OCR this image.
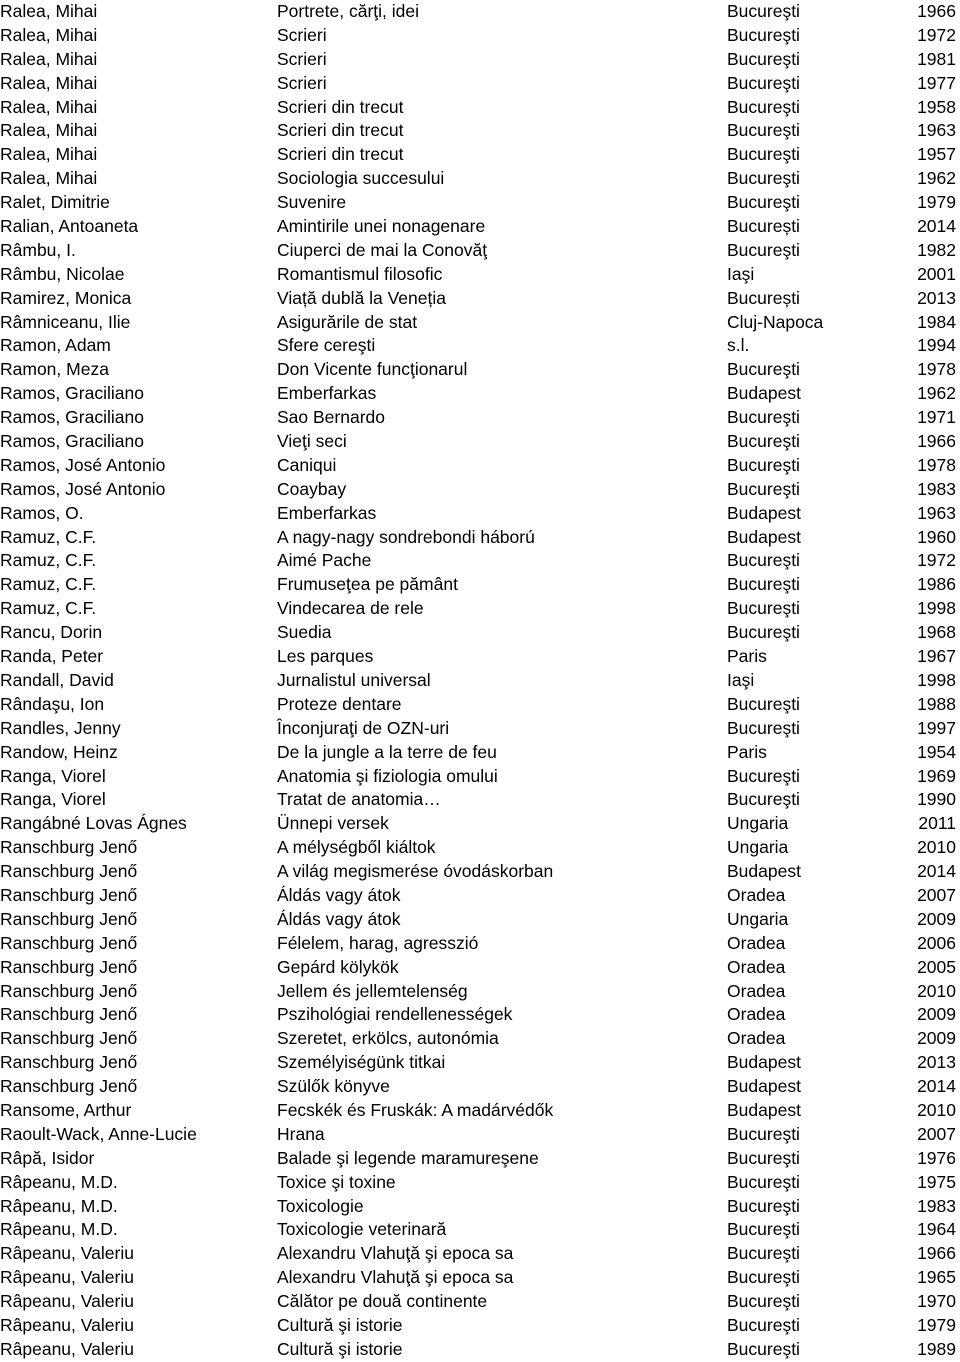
Ralea, Mihai	Portrete, cărţi, idei	Bucureşti	1966
Ralea, Mihai	Scrieri	Bucureşti	1972
Ralea, Mihai	Scrieri	Bucureşti	1981
Ralea, Mihai	Scrieri	Bucureşti	1977
Ralea, Mihai	Scrieri din trecut	Bucureşti	1958
Ralea, Mihai	Scrieri din trecut	Bucureşti	1963
Ralea, Mihai	Scrieri din trecut	Bucureşti	1957
Ralea, Mihai	Sociologia succesului	Bucureşti	1962
Ralet, Dimitrie	Suvenire	Bucureşti	1979
Ralian, Antoaneta	Amintirile unei nonagenare	București	2014
Râmbu, I.	Ciuperci de mai la Conovăţ	Bucureşti	1982
Râmbu, Nicolae	Romantismul filosofic	Iaşi	2001
Ramirez, Monica	Viață dublă la Veneția	București	2013
Râmniceanu, Ilie	Asigurările de stat	Cluj-Napoca	1984
Ramon, Adam	Sfere cereşti	s.l.	1994
Ramon, Meza	Don Vicente funcţionarul	Bucureşti	1978
Ramos, Graciliano	Emberfarkas	Budapest	1962
Ramos, Graciliano	Sao Bernardo	Bucureşti	1971
Ramos, Graciliano	Vieţi seci	Bucureşti	1966
Ramos, José Antonio	Caniqui	Bucureşti	1978
Ramos, José Antonio	Coaybay	Bucureşti	1983
Ramos, O.	Emberfarkas	Budapest	1963
Ramuz, C.F.	A nagy-nagy sondrebondi háború	Budapest	1960
Ramuz, C.F.	Aimé Pache	Bucureşti	1972
Ramuz, C.F.	Frumuseţea pe pământ	Bucureşti	1986
Ramuz, C.F.	Vindecarea de rele	Bucureşti	1998
Rancu, Dorin	Suedia	Bucureşti	1968
Randa, Peter	Les parques	Paris	1967
Randall, David	Jurnalistul universal	Iaşi	1998
Rândaşu, Ion	Proteze dentare	Bucureşti	1988
Randles, Jenny	Înconjuraţi de OZN-uri	Bucureşti	1997
Randow, Heinz	De la jungle a la terre de feu	Paris	1954
Ranga, Viorel	Anatomia şi fiziologia omului	Bucureşti	1969
Ranga, Viorel	Tratat de anatomia…	Bucureşti	1990
Rangábné Lovas Ágnes	Ünnepi versek	Ungaria	2011
Ranschburg Jenő	A mélységből kiáltok	Ungaria	2010
Ranschburg Jenő	A világ megismerése óvodáskorban	Budapest	2014
Ranschburg Jenő	Áldás vagy átok	Oradea	2007
Ranschburg Jenő	Áldás vagy átok	Ungaria	2009
Ranschburg Jenő	Félelem, harag, agresszió	Oradea	2006
Ranschburg Jenő	Gepárd kölykök	Oradea	2005
Ranschburg Jenő	Jellem és jellemtelenség	Oradea	2010
Ranschburg Jenő	Pszihológiai rendellenességek	Oradea	2009
Ranschburg Jenő	Szeretet, erkölcs, autonómia	Oradea	2009
Ranschburg Jenő	Személyiségünk titkai	Budapest	2013
Ranschburg Jenő	Szülők könyve	Budapest	2014
Ransome, Arthur	Fecskék és Fruskák: A madárvédők	Budapest	2010
Raoult-Wack, Anne-Lucie	Hrana	Bucureşti	2007
Râpă, Isidor	Balade şi legende maramureşene	Bucureşti	1976
Râpeanu, M.D.	Toxice şi toxine	Bucureşti	1975
Râpeanu, M.D.	Toxicologie	Bucureşti	1983
Râpeanu, M.D.	Toxicologie veterinară	Bucureşti	1964
Râpeanu, Valeriu	Alexandru Vlahuţă şi epoca sa	Bucureşti	1966
Râpeanu, Valeriu	Alexandru Vlahuţă şi epoca sa	Bucureşti	1965
Râpeanu, Valeriu	Călător pe două continente	Bucureşti	1970
Râpeanu, Valeriu	Cultură şi istorie	Bucureşti	1979
Râpeanu, Valeriu	Cultură şi istorie	Bucureşti	1989
